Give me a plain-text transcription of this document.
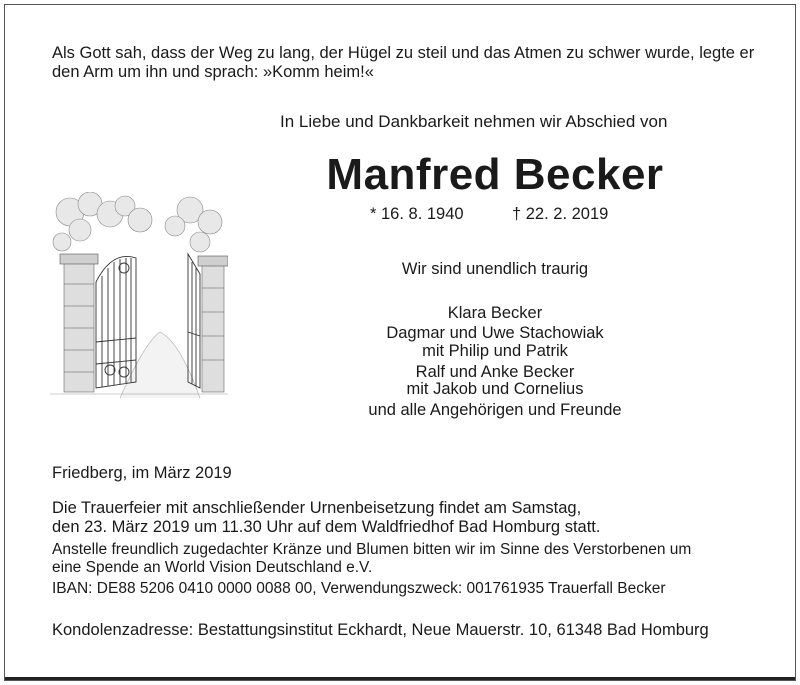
Als Gott sah, dass der Weg zu lang, der Hügel zu steil und das Atmen zu schwer wurde, legte er
den Arm um ihn und sprach: »Komm heim!«
In Liebe und Dankbarkeit nehmen wir Abschied von
Manfred Becker
* 16. 8. 1940	† 22. 2. 2019
Wir sind unendlich traurig
Klara Becker
Dagmar und Uwe Stachowiak
mit Philip und Patrik
Ralf und Anke Becker
mit Jakob und Cornelius
und alle Angehörigen und Freunde
Friedberg, im März 2019
Die Trauerfeier mit anschließender Urnenbeisetzung findet am Samstag,
den 23. März 2019 um 11.30 Uhr auf dem Waldfriedhof Bad Homburg statt.
Anstelle freundlich zugedachter Kränze und Blumen bitten wir im Sinne des Verstorbenen um
eine Spende an World Vision Deutschland e.V.
IBAN: DE88 5206 0410 0000 0088 00, Verwendungszweck: 001761935 Trauerfall Becker
Kondolenzadresse: Bestattungsinstitut Eckhardt, Neue Mauerstr. 10, 61348 Bad Homburg
